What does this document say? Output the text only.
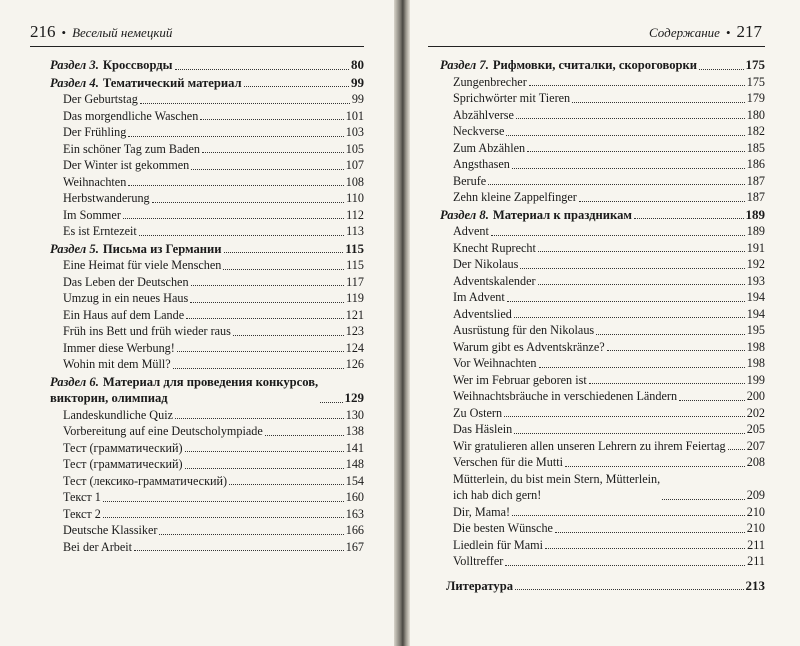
216 • Веселый немецкий
Раздел 3. Кроссворды	80
Раздел 4. Тематический материал	99
Der Geburtstag	99
Das morgendliche Waschen	101
Der Frühling	103
Ein schöner Tag zum Baden	105
Der Winter ist gekommen	107
Weihnachten	108
Herbstwanderung	110
Im Sommer	112
Es ist Erntezeit	113
Раздел 5. Письма из Германии	115
Eine Heimat für viele Menschen	115
Das Leben der Deutschen	117
Umzug in ein neues Haus	119
Ein Haus auf dem Lande	121
Früh ins Bett und früh wieder raus	123
Immer diese Werbung!	124
Wohin mit dem Müll?	126
Раздел 6. Материал для проведения конкурсов,
викторин, олимпиад	129
Landeskundliche Quiz	130
Vorbereitung auf eine Deutscholympiade	138
Тест (грамматический)	141
Тест (грамматический)	148
Тест (лексико-грамматический)	154
Текст 1	160
Текст 2	163
Deutsche Klassiker	166
Bei der Arbeit	167
Содержание • 217
Раздел 7. Рифмовки, считалки, скороговорки	175
Zungenbrecher	175
Sprichwörter mit Tieren	179
Abzählverse	180
Neckverse	182
Zum Abzählen	185
Angsthasen	186
Berufe	187
Zehn kleine Zappelfinger	187
Раздел 8. Материал к праздникам	189
Advent	189
Knecht Ruprecht	191
Der Nikolaus	192
Adventskalender	193
Im Advent	194
Adventslied	194
Ausrüstung für den Nikolaus	195
Warum gibt es Adventskränze?	198
Vor Weihnachten	198
Wer im Februar geboren ist	199
Weihnachtsbräuche in verschiedenen Ländern	200
Zu Ostern	202
Das Häslein	205
Wir gratulieren allen unseren Lehrern zu ihrem Feiertag 207
Verschen für die Mutti	208
Mütterlein, du bist mein Stern, Mütterlein,
ich hab dich gern!	209
Dir, Mama!	210
Die besten Wünsche	210
Liedlein für Mami	211
Volltreffer	211
Литература	213
